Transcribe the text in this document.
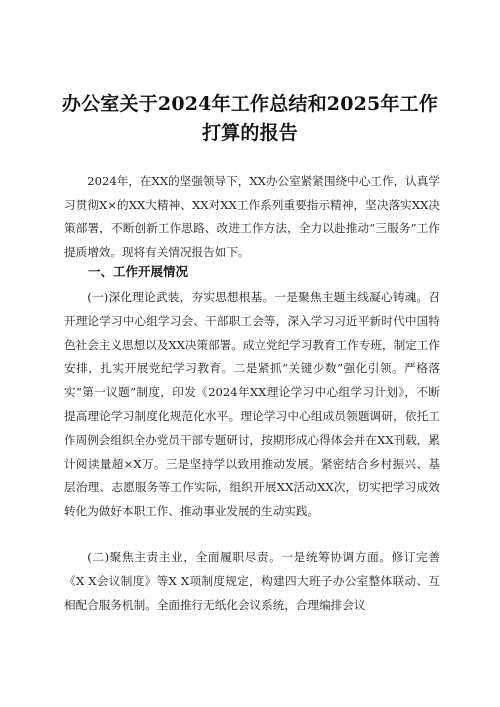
办公室关于2024年工作总结和2025年工作打算的报告

2024年，在XX的坚强领导下，XX办公室紧紧围绕中心工作，认真学习贯彻X×的XX大精神、XX对XX工作系列重要指示精神，坚决落实XX决策部署，不断创新工作思路、改进工作方法，全力以赴推动“三服务”工作提质增效。现将有关情况报告如下。

一、工作开展情况

(一)深化理论武装，夯实思想根基。一是聚焦主题主线凝心铸魂。召开理论学习中心组学习会、干部职工会等，深入学习习近平新时代中国特色社会主义思想以及XX决策部署。成立党纪学习教育工作专班，制定工作安排，扎实开展党纪学习教育。二是紧抓“关键少数”强化引领。严格落实“第一议题”制度，印发《2024年XX理论学习中心组学习计划》，不断提高理论学习制度化规范化水平。理论学习中心组成员领题调研，依托工作周例会组织全办党员干部专题研讨，按期形成心得体会并在XX刊载，累计阅读量超×X万。三是坚持学以致用推动发展。紧密结合乡村振兴、基层治理、志愿服务等工作实际，组织开展XX活动XX次，切实把学习成效转化为做好本职工作、推动事业发展的生动实践。

(二)聚焦主责主业，全面履职尽责。一是统筹协调方面。修订完善《X X会议制度》等X X项制度规定，构建四大班子办公室整体联动、互相配合服务机制。全面推行无纸化会议系统，合理编排会议
